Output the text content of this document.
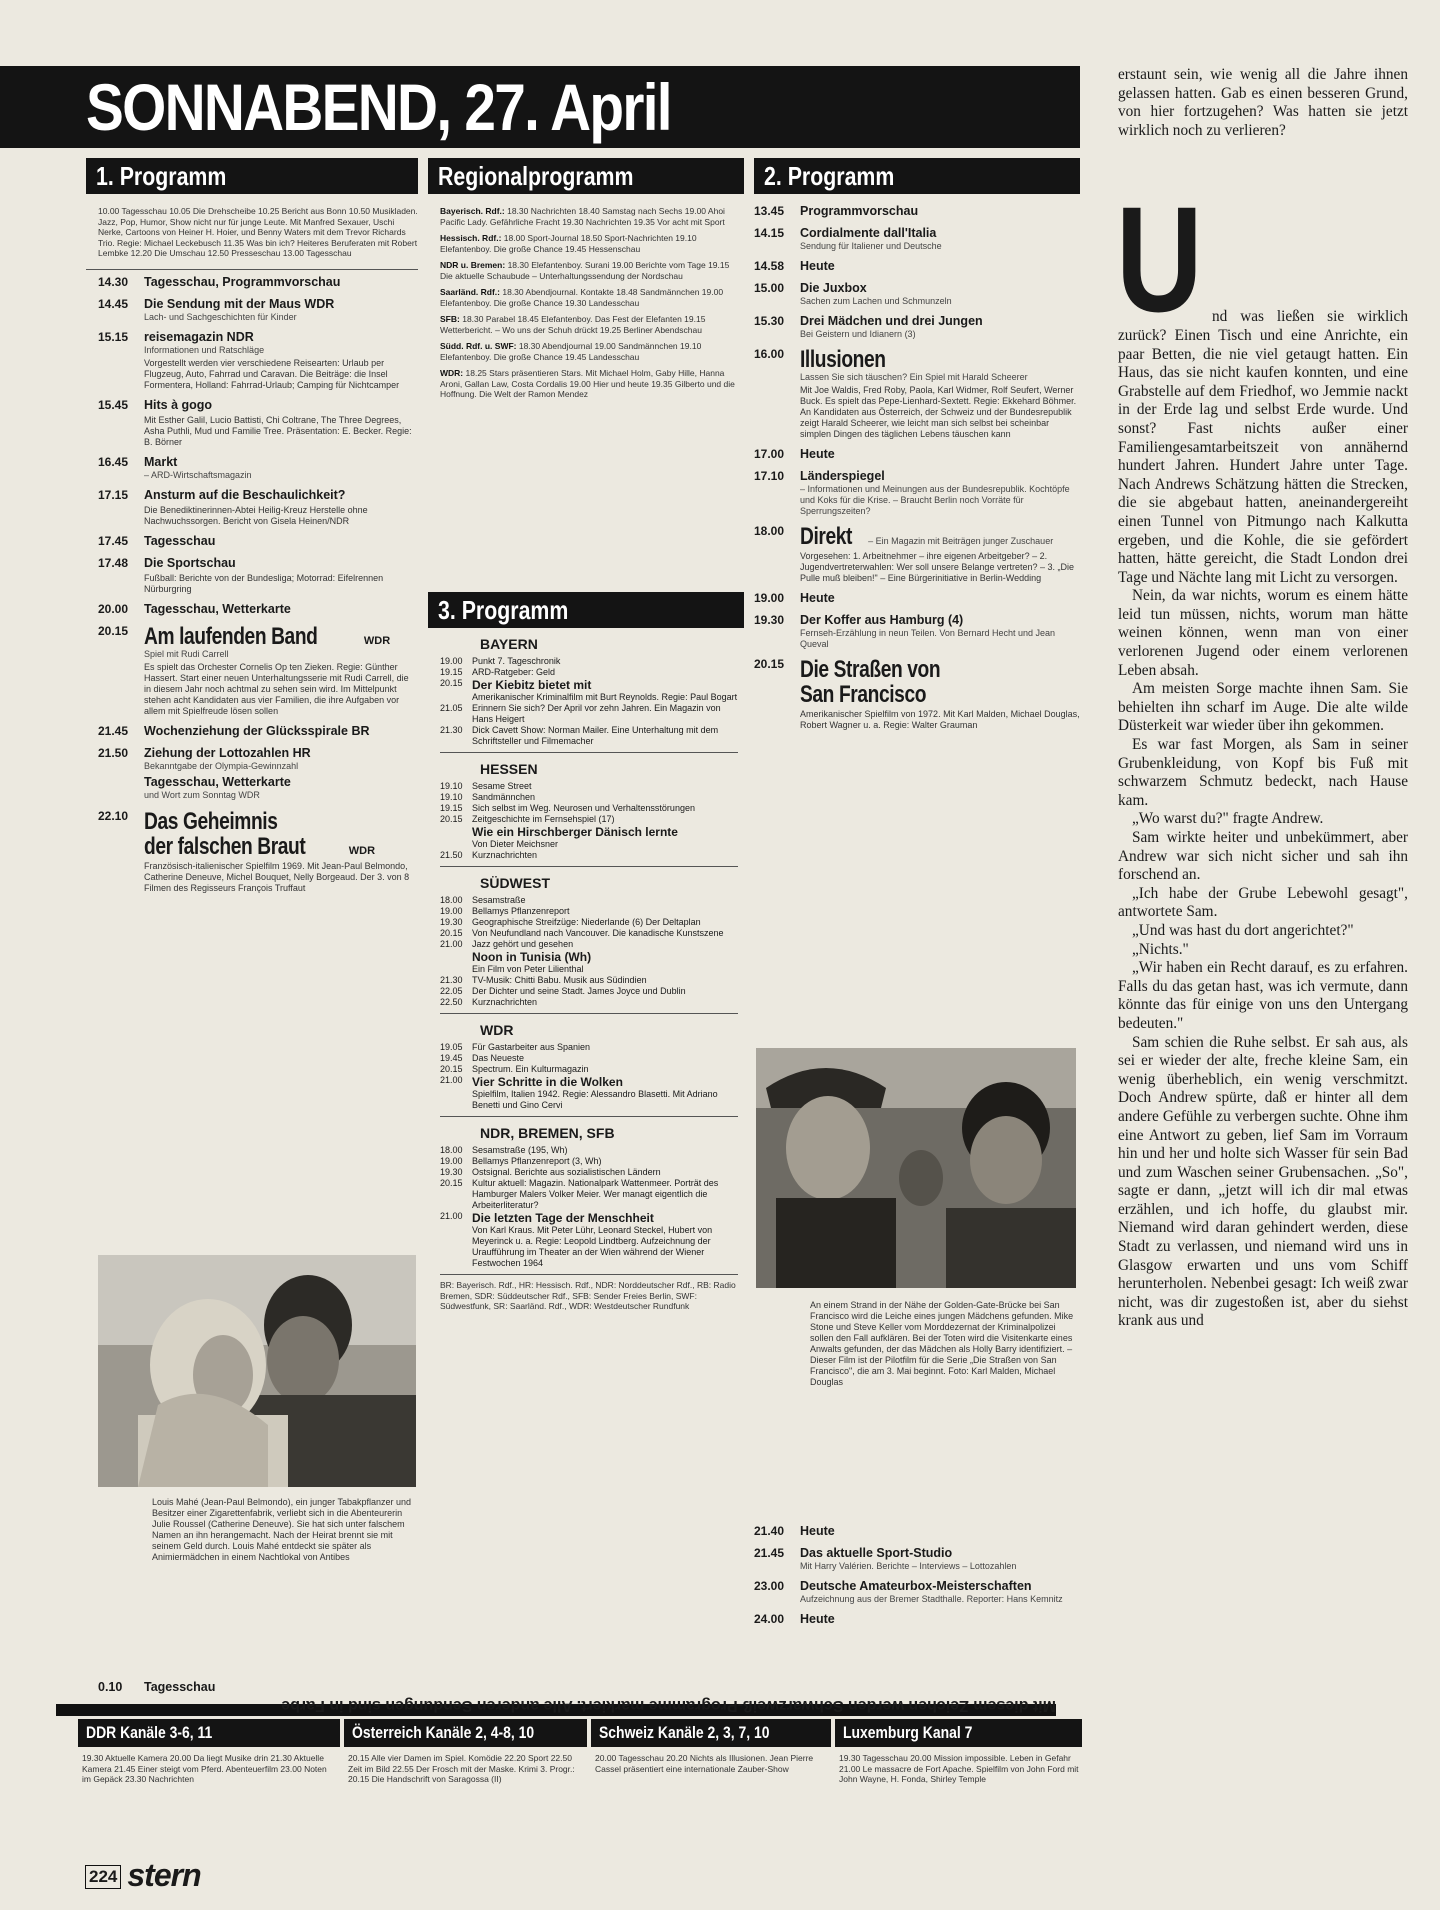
SONNABEND, 27. April
Mit diesem Zeichen werden Schwarzweiß-Programme markiert. Alle anderen Sendungen sind in Farbe
1. Programm
10.00 Tagesschau 10.05 Die Drehscheibe 10.25 Bericht aus Bonn 10.50 Musikladen. Jazz, Pop, Humor, Show nicht nur für junge Leute. Mit Manfred Sexauer, Uschi Nerke, Cartoons von Heiner H. Hoier, und Benny Waters mit dem Trevor Richards Trio. Regie: Michael Leckebusch 11.35 Was bin ich? Heiteres Beruferaten mit Robert Lembke 12.20 Die Umschau 12.50 Presseschau 13.00 Tagesschau
14.30	Tagesschau, Programmvorschau
14.45	Die Sendung mit der Maus WDR
Lach- und Sachgeschichten für Kinder
15.15	reisemagazin NDR
Informationen und Ratschläge
Vorgestellt werden vier verschiedene Reisearten: Urlaub per Flugzeug, Auto, Fahrrad und Caravan. Die Beiträge: die Insel Formentera, Holland: Fahrrad-Urlaub; Camping für Nichtcamper
15.45	Hits à gogo
Mit Esther Galil, Lucio Battisti, Chi Coltrane, The Three Degrees, Asha Puthli, Mud und Familie Tree. Präsentation: E. Becker. Regie: B. Börner
16.45	Markt
– ARD-Wirtschaftsmagazin
17.15	Ansturm auf die Beschaulichkeit?
Die Benediktinerinnen-Abtei Heilig-Kreuz Herstelle ohne Nachwuchssorgen. Bericht von Gisela Heinen/NDR
17.45	Tagesschau
17.48	Die Sportschau
Fußball: Berichte von der Bundesliga; Motorrad: Eifelrennen Nürburgring
20.00	Tagesschau, Wetterkarte
20.15 Am laufenden Band	WDR
Spiel mit Rudi Carrell
Es spielt das Orchester Cornelis Op ten Zieken. Regie: Günther Hassert. Start einer neuen Unterhaltungsserie mit Rudi Carrell, die in diesem Jahr noch achtmal zu sehen sein wird. Im Mittelpunkt stehen acht Kandidaten aus vier Familien, die ihre Aufgaben vor allem mit Spielfreude lösen sollen
21.45	Wochenziehung der Glücksspirale BR
21.50	Ziehung der Lottozahlen HR
Bekanntgabe der Olympia-Gewinnzahl
Tagesschau, Wetterkarte
und Wort zum Sonntag WDR
22.10 Das Geheimnis
der falschen Braut	WDR
Französisch-italienischer Spielfilm 1969. Mit Jean-Paul Belmondo, Catherine Deneuve, Michel Bouquet, Nelly Borgeaud. Der 3. von 8 Filmen des Regisseurs François Truffaut
Louis Mahé (Jean-Paul Belmondo), ein junger Tabakpflanzer und Besitzer einer Zigarettenfabrik, verliebt sich in die Abenteurerin Julie Roussel (Catherine Deneuve). Sie hat sich unter falschem Namen an ihn herangemacht. Nach der Heirat brennt sie mit seinem Geld durch. Louis Mahé entdeckt sie später als Animiermädchen in einem Nachtlokal von Antibes
0.10	Tagesschau
Regionalprogramm

Bayerisch. Rdf.: 18.30 Nachrichten 18.40 Samstag nach Sechs 19.00 Ahoi Pacific Lady. Gefährliche Fracht 19.30 Nachrichten 19.35 Vor acht mit Sport

Hessisch. Rdf.: 18.00 Sport-Journal 18.50 Sport-Nachrichten 19.10 Elefantenboy. Die große Chance 19.45 Hessenschau

NDR u. Bremen: 18.30 Elefantenboy. Surani 19.00 Berichte vom Tage 19.15 Die aktuelle Schaubude – Unterhaltungssendung der Nordschau

Saarländ. Rdf.: 18.30 Abendjournal. Kontakte 18.48 Sandmännchen 19.00 Elefantenboy. Die große Chance 19.30 Landesschau

SFB: 18.30 Parabel 18.45 Elefantenboy. Das Fest der Elefanten 19.15 Wetterbericht. – Wo uns der Schuh drückt 19.25 Berliner Abendschau

Südd. Rdf. u. SWF: 18.30 Abendjournal 19.00 Sandmännchen 19.10 Elefantenboy. Die große Chance 19.45 Landesschau

WDR: 18.25 Stars präsentieren Stars. Mit Michael Holm, Gaby Hille, Hanna Aroni, Gallan Law, Costa Cordalis 19.00 Hier und heute 19.35 Gilberto und die Hoffnung. Die Welt der Ramon Mendez

3. Programm
BAYERN
19.00	Punkt 7. Tageschronik
19.15	ARD-Ratgeber: Geld
20.15 Der Kiebitz bietet mit
Amerikanischer Kriminalfilm mit Burt Reynolds. Regie: Paul Bogart
21.05	Erinnern Sie sich? Der April vor zehn Jahren. Ein Magazin von Hans Heigert
21.30	Dick Cavett Show: Norman Mailer. Eine Unterhaltung mit dem Schriftsteller und Filmemacher
HESSEN
19.10	Sesame Street
19.10	Sandmännchen
19.15	Sich selbst im Weg. Neurosen und Verhaltensstörungen
20.15	Zeitgeschichte im Fernsehspiel (17)
Wie ein Hirschberger Dänisch lernte
Von Dieter Meichsner
21.50	Kurznachrichten
SÜDWEST
18.00	Sesamstraße
19.00	Bellamys Pflanzenreport
19.30	Geographische Streifzüge: Niederlande (6) Der Deltaplan
20.15	Von Neufundland nach Vancouver. Die kanadische Kunstszene
21.00	Jazz gehört und gesehen
Noon in Tunisia (Wh)
Ein Film von Peter Lilienthal
21.30	TV-Musik: Chitti Babu. Musik aus Südindien
22.05	Der Dichter und seine Stadt. James Joyce und Dublin
22.50	Kurznachrichten
WDR
19.05	Für Gastarbeiter aus Spanien
19.45	Das Neueste
20.15	Spectrum. Ein Kulturmagazin
21.00 Vier Schritte in die Wolken
Spielfilm, Italien 1942. Regie: Alessandro Blasetti. Mit Adriano Benetti und Gino Cervi
NDR, BREMEN, SFB
18.00	Sesamstraße (195, Wh)
19.00	Bellamys Pflanzenreport (3, Wh)
19.30	Ostsignal. Berichte aus sozialistischen Ländern
20.15	Kultur aktuell: Magazin. Nationalpark Wattenmeer. Porträt des Hamburger Malers Volker Meier. Wer managt eigentlich die Arbeiterliteratur?
21.00 Die letzten Tage der Menschheit
Von Karl Kraus. Mit Peter Lühr, Leonard Steckel, Hubert von Meyerinck u. a. Regie: Leopold Lindtberg. Aufzeichnung der Uraufführung im Theater an der Wien während der Wiener Festwochen 1964
BR: Bayerisch. Rdf., HR: Hessisch. Rdf., NDR: Norddeutscher Rdf., RB: Radio Bremen, SDR: Süddeutscher Rdf., SFB: Sender Freies Berlin, SWF: Südwestfunk, SR: Saarländ. Rdf., WDR: Westdeutscher Rundfunk
2. Programm
13.45	Programmvorschau
14.15	Cordialmente dall'Italia
Sendung für Italiener und Deutsche
14.58	Heute
15.00	Die Juxbox
Sachen zum Lachen und Schmunzeln
15.30	Drei Mädchen und drei Jungen
Bei Geistern und Idianern (3)
16.00 Illusionen
Lassen Sie sich täuschen? Ein Spiel mit Harald Scheerer
Mit Joe Waldis, Fred Roby, Paola, Karl Widmer, Rolf Seufert, Werner Buck. Es spielt das Pepe-Lienhard-Sextett. Regie: Ekkehard Böhmer. An Kandidaten aus Österreich, der Schweiz und der Bundesrepublik zeigt Harald Scheerer, wie leicht man sich selbst bei scheinbar simplen Dingen des täglichen Lebens täuschen kann
17.00	Heute
17.10	Länderspiegel
– Informationen und Meinungen aus der Bundesrepublik. Kochtöpfe und Koks für die Krise. – Braucht Berlin noch Vorräte für Sperrungszeiten?
18.00 Direkt – Ein Magazin mit Beiträgen junger Zuschauer
Vorgesehen: 1. Arbeitnehmer – ihre eigenen Arbeitgeber? – 2. Jugendvertreterwahlen: Wer soll unsere Belange vertreten? – 3. „Die Pulle muß bleiben!" – Eine Bürgerinitiative in Berlin-Wedding
19.00	Heute
19.30	Der Koffer aus Hamburg (4)
Fernseh-Erzählung in neun Teilen. Von Bernard Hecht und Jean Queval
20.15 Die Straßen von
San Francisco
Amerikanischer Spielfilm von 1972. Mit Karl Malden, Michael Douglas, Robert Wagner u. a. Regie: Walter Grauman
An einem Strand in der Nähe der Golden-Gate-Brücke bei San Francisco wird die Leiche eines jungen Mädchens gefunden. Mike Stone und Steve Keller vom Morddezernat der Kriminalpolizei sollen den Fall aufklären. Bei der Toten wird die Visitenkarte eines Anwalts gefunden, der das Mädchen als Holly Barry identifiziert. – Dieser Film ist der Pilotfilm für die Serie „Die Straßen von San Francisco", die am 3. Mai beginnt. Foto: Karl Malden, Michael Douglas
21.40	Heute
21.45	Das aktuelle Sport-Studio
Mit Harry Valérien. Berichte – Interviews – Lottozahlen
23.00	Deutsche Amateurbox-Meisterschaften
Aufzeichnung aus der Bremer Stadthalle. Reporter: Hans Kemnitz
24.00	Heute

erstaunt sein, wie wenig all die Jahre ihnen gelassen hatten. Gab es einen besseren Grund, von hier fortzugehen? Was hatten sie jetzt wirklich noch zu verlieren?

U nd was ließen sie wirklich zurück? Einen Tisch und eine Anrichte, ein paar Betten, die nie viel getaugt hatten. Ein Haus, das sie nicht kaufen konnten, und eine Grabstelle auf dem Friedhof, wo Jemmie nackt in der Erde lag und selbst Erde wurde. Und sonst? Fast nichts außer einer Familiengesamtarbeitszeit von annähernd hundert Jahren. Hundert Jahre unter Tage. Nach Andrews Schätzung hätten die Strecken, die sie abgebaut hatten, aneinandergereiht einen Tunnel von Pitmungo nach Kalkutta ergeben, und die Kohle, die sie gefördert hatten, hätte gereicht, die Stadt London drei Tage und Nächte lang mit Licht zu versorgen.

Nein, da war nichts, worum es einem hätte leid tun müssen, nichts, worum man hätte weinen können, wenn man von einer verlorenen Jugend oder einem verlorenen Leben absah.

Am meisten Sorge machte ihnen Sam. Sie behielten ihn scharf im Auge. Die alte wilde Düsterkeit war wieder über ihn gekommen.

Es war fast Morgen, als Sam in seiner Grubenkleidung, von Kopf bis Fuß mit schwarzem Schmutz bedeckt, nach Hause kam.

„Wo warst du?" fragte Andrew.

Sam wirkte heiter und unbekümmert, aber Andrew war sich nicht sicher und sah ihn forschend an.

„Ich habe der Grube Lebewohl gesagt", antwortete Sam.

„Und was hast du dort angerichtet?"

„Nichts."

„Wir haben ein Recht darauf, es zu erfahren. Falls du das getan hast, was ich vermute, dann könnte das für einige von uns den Untergang bedeuten."

Sam schien die Ruhe selbst. Er sah aus, als sei er wieder der alte, freche kleine Sam, ein wenig überheblich, ein wenig verschmitzt. Doch Andrew spürte, daß er hinter all dem andere Gefühle zu verbergen suchte. Ohne ihm eine Antwort zu geben, lief Sam im Vorraum hin und her und holte sich Wasser für sein Bad und zum Waschen seiner Grubensachen. „So", sagte er dann, „jetzt will ich dir mal etwas erzählen, und ich hoffe, du glaubst mir. Niemand wird daran gehindert werden, diese Stadt zu verlassen, und niemand wird uns in Glasgow erwarten und uns vom Schiff herunterholen. Nebenbei gesagt: Ich weiß zwar nicht, was dir zugestoßen ist, aber du siehst krank aus und

DDR Kanäle 3-6, 11	Österreich Kanäle 2, 4-8, 10	Schweiz Kanäle 2, 3, 7, 10	Luxemburg Kanal 7
19.30 Aktuelle Kamera 20.00 Da liegt Musike drin 21.30 Aktuelle Kamera 21.45 Einer steigt vom Pferd. Abenteuerfilm 23.00 Noten im Gepäck 23.30 Nachrichten
20.15 Alle vier Damen im Spiel. Komödie 22.20 Sport 22.50 Zeit im Bild 22.55 Der Frosch mit der Maske. Krimi 3. Progr.: 20.15 Die Handschrift von Saragossa (II)
20.00 Tagesschau 20.20 Nichts als Illusionen. Jean Pierre Cassel präsentiert eine internationale Zauber-Show
19.30 Tagesschau 20.00 Mission impossible. Leben in Gefahr 21.00 Le massacre de Fort Apache. Spielfilm von John Ford mit John Wayne, H. Fonda, Shirley Temple
224 stern
